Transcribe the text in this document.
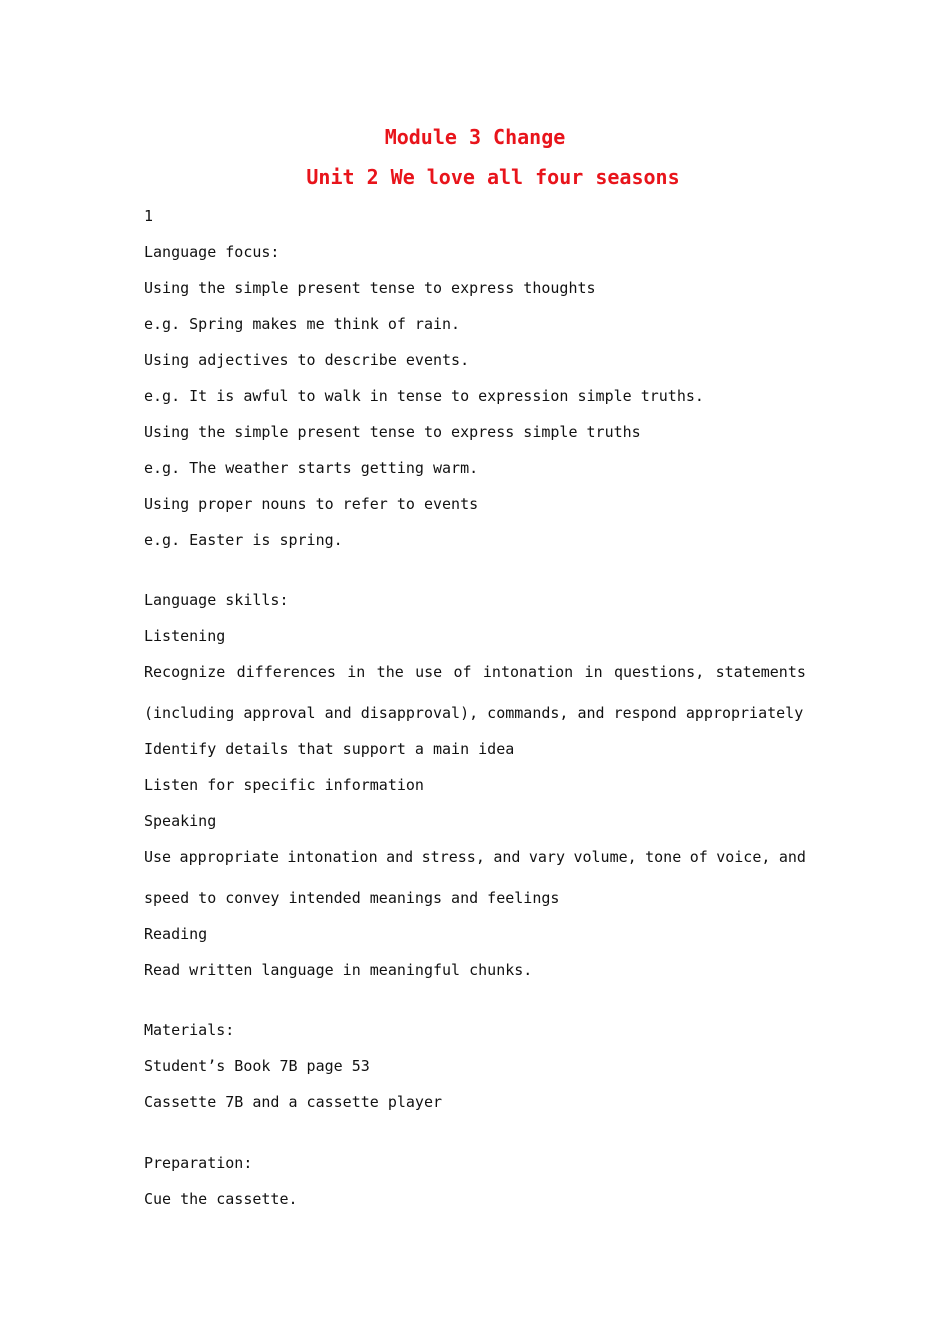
Module 3 Change
Unit 2 We love all four seasons

1

Language focus:

Using the simple present tense to express thoughts

e.g. Spring makes me think of rain.

Using adjectives to describe events.

e.g. It is awful to walk in tense to expression simple truths.

Using the simple present tense to express simple truths

e.g. The weather starts getting warm.

Using proper nouns to refer to events

e.g. Easter is spring.

Language skills:

Listening

Recognize differences in the use of intonation in questions, statements

(including approval and disapproval), commands, and respond appropriately

Identify details that support a main idea

Listen for specific information

Speaking

Use appropriate intonation and stress, and vary volume, tone of voice, and

speed to convey intended meanings and feelings

Reading

Read written language in meaningful chunks.

Materials:

Student’s Book 7B page 53

Cassette 7B and a cassette player

Preparation:

Cue the cassette.
